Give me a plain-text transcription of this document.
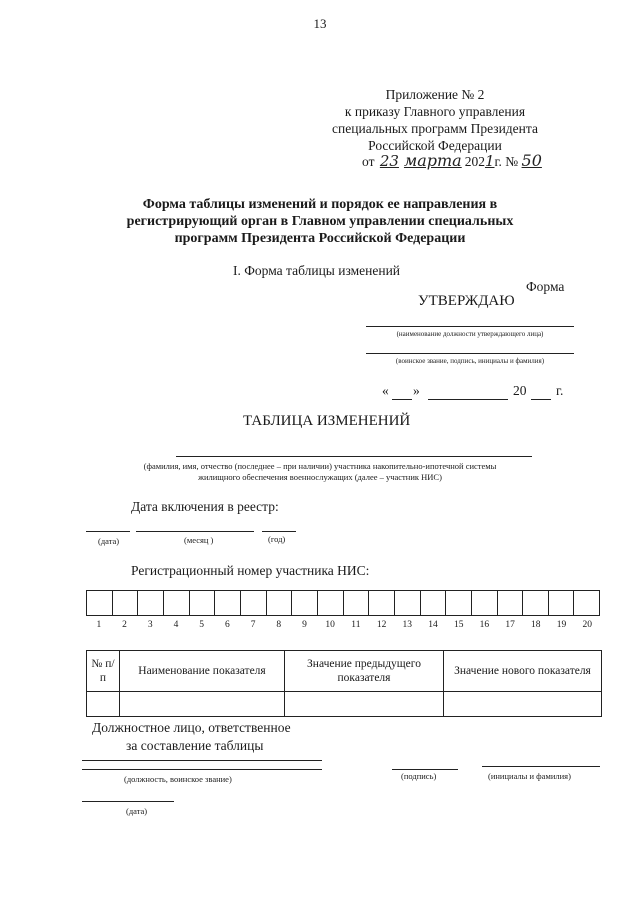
13
Приложение № 2
к приказу Главного управления
специальных программ Президента
Российской Федерации
от 23 марта 2021г. № 50
Форма таблицы изменений и порядок ее направления в
регистрирующий орган в Главном управлении специальных
программ Президента Российской Федерации
I. Форма таблицы изменений
Форма
УТВЕРЖДАЮ
(наименование должности утверждающего лица)
(воинское звание, подпись, инициалы и фамилия)
« »	20 г.
ТАБЛИЦА ИЗМЕНЕНИЙ
(фамилия, имя, отчество (последнее – при наличии) участника накопительно-ипотечной системы
жилищного обеспечения военнослужащих (далее – участник НИС)
Дата включения в реестр:
(дата)	(месяц )	(год)
Регистрационный номер участника НИС:
1	2	3	4	5	6	7	8	9	10	11	12	13	14	15	16	17	18	19	20
№ п/п	Наименование показателя	Значение предыдущего показателя	Значение нового показателя

Должностное лицо, ответственное
за составление таблицы
(должность, воинское звание)	(подпись)	(инициалы и фамилия)
(дата)
